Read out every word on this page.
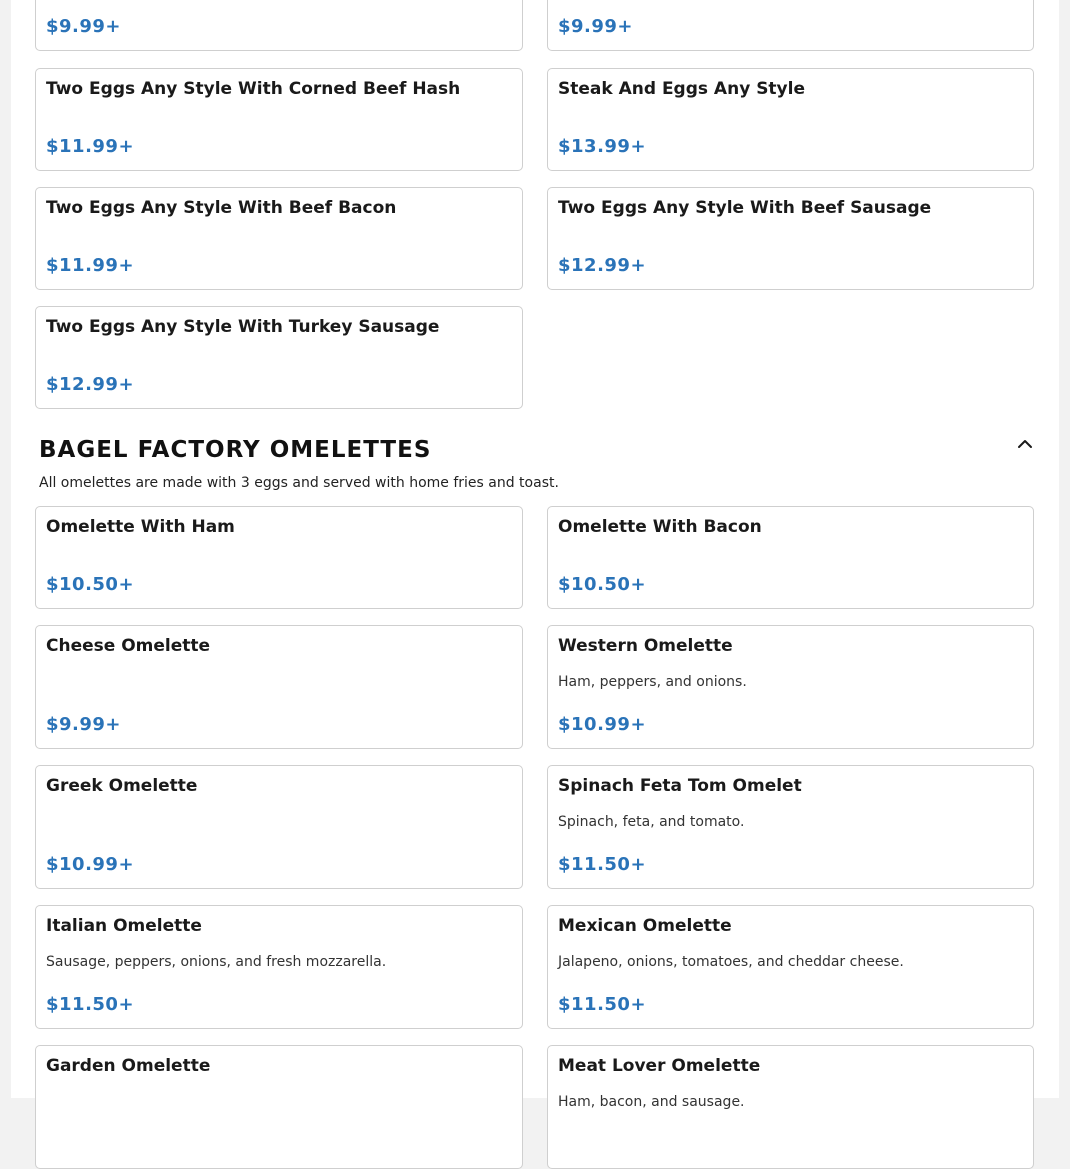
$9.99+	$9.99+
Two Eggs Any Style With Corned Beef Hash
$11.99+
Steak And Eggs Any Style
$13.99+
Two Eggs Any Style With Beef Bacon
$11.99+
Two Eggs Any Style With Beef Sausage
$12.99+
Two Eggs Any Style With Turkey Sausage
$12.99+
BAGEL FACTORY OMELETTES
All omelettes are made with 3 eggs and served with home fries and toast.
Omelette With Ham
$10.50+
Omelette With Bacon
$10.50+
Cheese Omelette
$9.99+
Western Omelette
Ham, peppers, and onions.
$10.99+
Greek Omelette
$10.99+
Spinach Feta Tom Omelet
Spinach, feta, and tomato.
$11.50+
Italian Omelette
Sausage, peppers, onions, and fresh mozzarella.
$11.50+
Mexican Omelette
Jalapeno, onions, tomatoes, and cheddar cheese.
$11.50+
Garden Omelette	Meat Lover Omelette
Ham, bacon, and sausage.
